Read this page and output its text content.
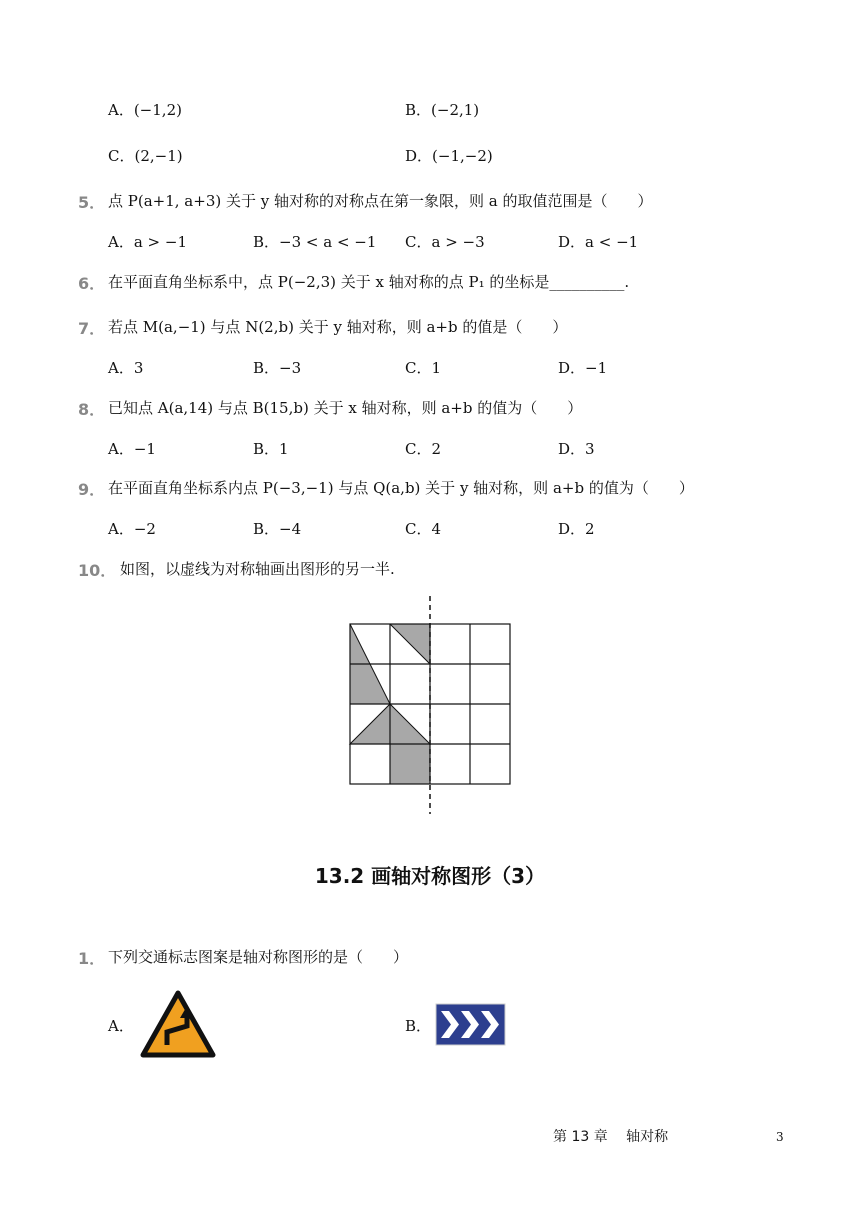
A．(−1,2)	B．(−2,1)
C．(2,−1)	D．(−1,−2)
5． 点 P(a+1, a+3) 关于 y 轴对称的对称点在第一象限，则 a 的取值范围是（　　）
A．a > −1	B．−3 < a < −1 C．a > −3	D．a < −1
6． 在平面直角坐标系中，点 P(−2,3) 关于 x 轴对称的点 P₁ 的坐标是__________.
7． 若点 M(a,−1) 与点 N(2,b) 关于 y 轴对称，则 a+b 的值是（　　）
A．3	B．−3	C．1	D．−1
8． 已知点 A(a,14) 与点 B(15,b) 关于 x 轴对称，则 a+b 的值为（　　）
A．−1	B．1	C．2	D．3
9． 在平面直角坐标系内点 P(−3,−1) 与点 Q(a,b) 关于 y 轴对称，则 a+b 的值为（　　）
A．−2	B．−4	C．4	D．2
10． 如图，以虚线为对称轴画出图形的另一半.
13.2 画轴对称图形（3）
1． 下列交通标志图案是轴对称图形的是（　　）
A．	B．
第 13 章　 轴对称	3
